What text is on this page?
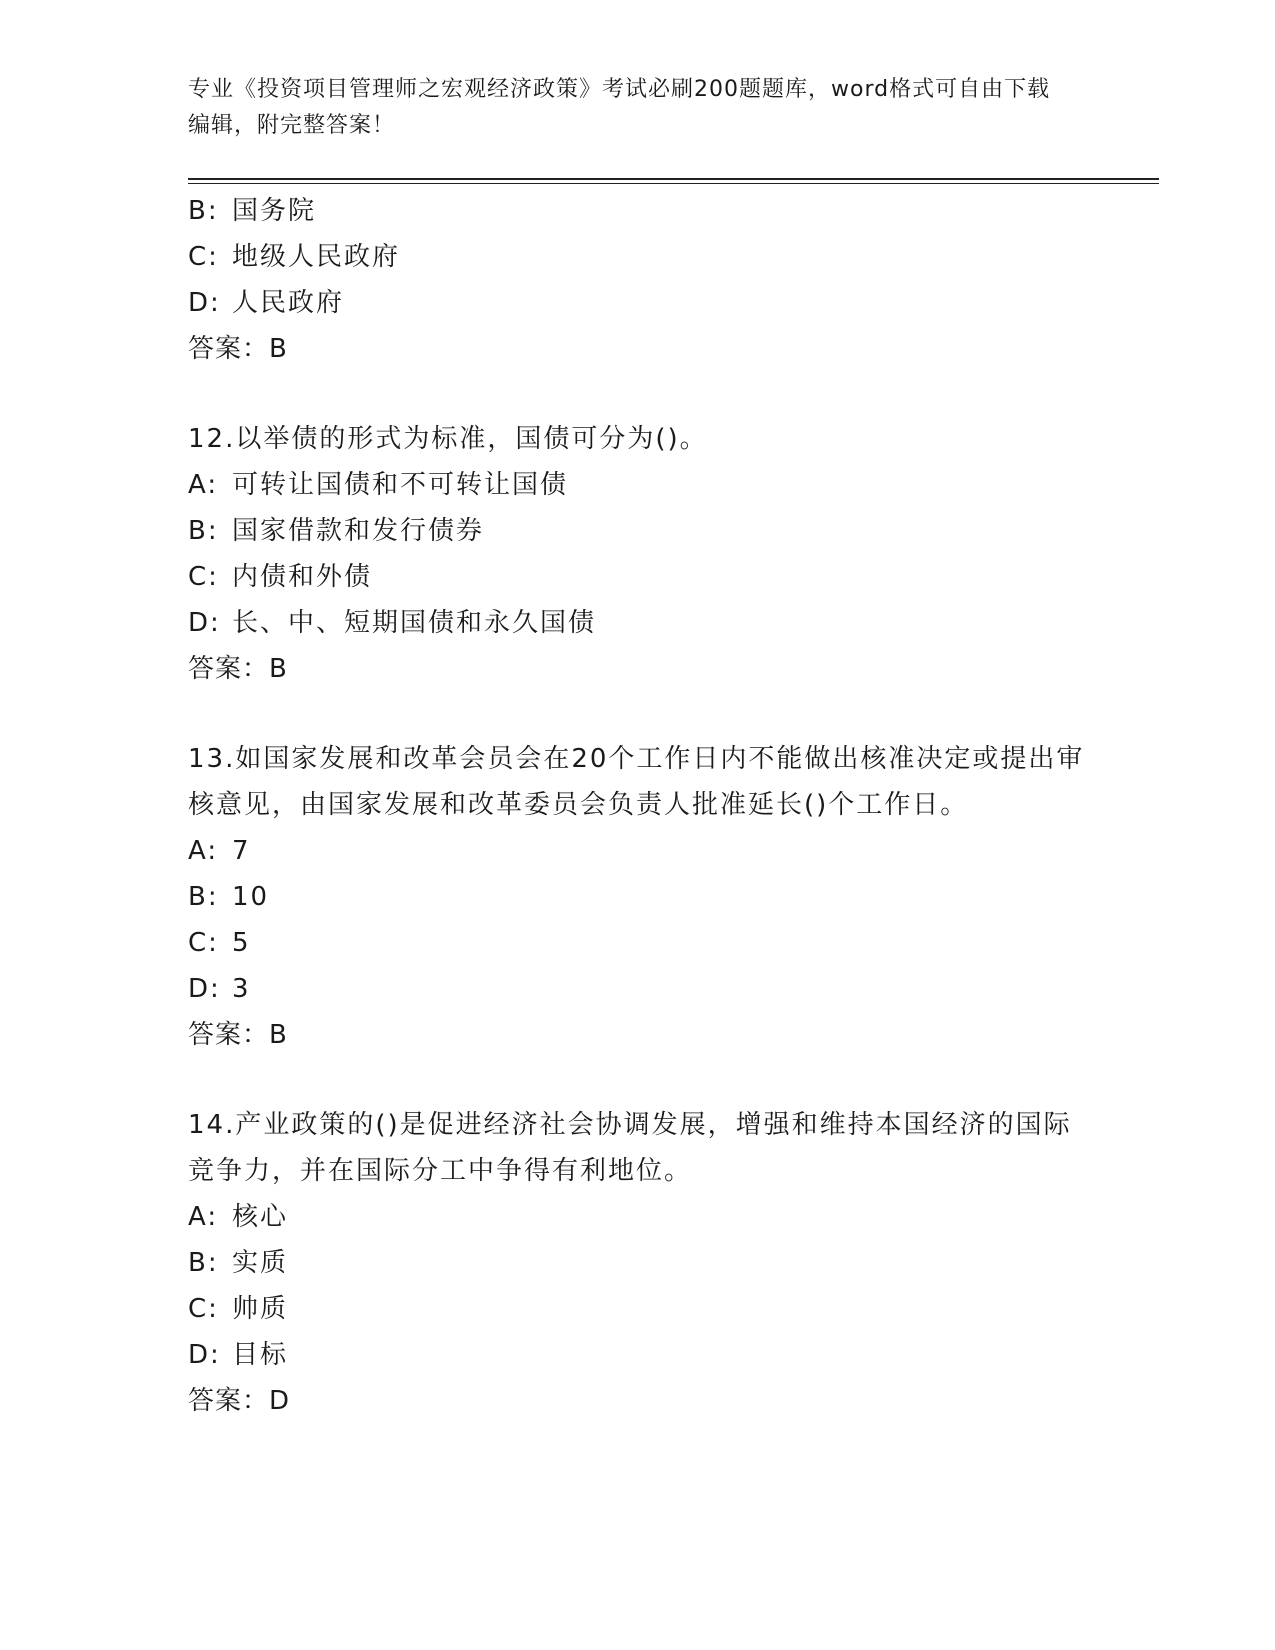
专业《投资项目管理师之宏观经济政策》考试必刷200题题库，word格式可自由下载编辑，附完整答案！
B: 国务院
C: 地级人民政府
D: 人民政府
答案：B
12.以举债的形式为标准，国债可分为()。
A: 可转让国债和不可转让国债
B: 国家借款和发行债券
C: 内债和外债
D: 长、中、短期国债和永久国债
答案：B
13.如国家发展和改革会员会在20个工作日内不能做出核准决定或提出审核意见，由国家发展和改革委员会负责人批准延长()个工作日。
A: 7
B: 10
C: 5
D: 3
答案：B
14.产业政策的()是促进经济社会协调发展，增强和维持本国经济的国际竞争力，并在国际分工中争得有利地位。
A: 核心
B: 实质
C: 帅质
D: 目标
答案：D
